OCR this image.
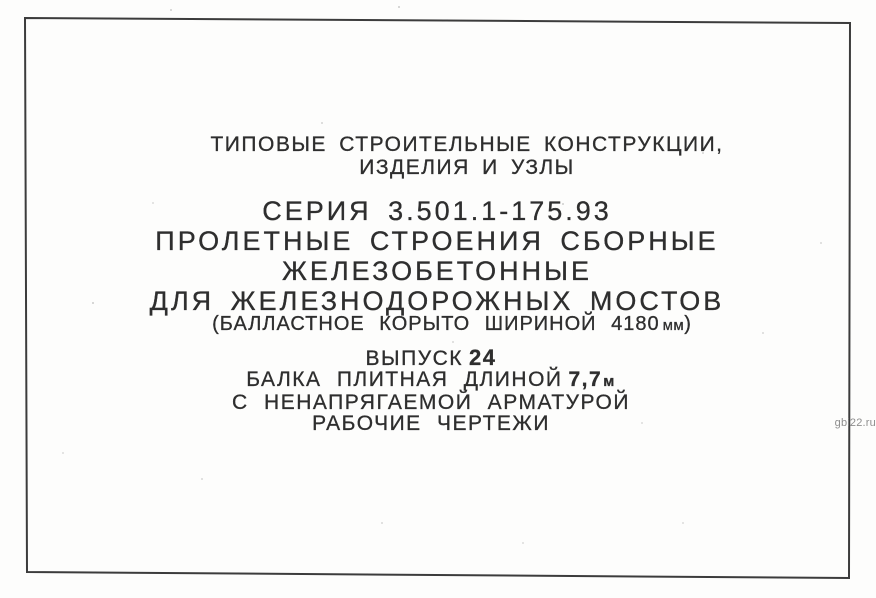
ТИПОВЫЕ СТРОИТЕЛЬНЫЕ КОНСТРУКЦИИ,
ИЗДЕЛИЯ И УЗЛЫ
СЕРИЯ 3.501.1-175.93
ПРОЛЕТНЫЕ СТРОЕНИЯ СБОРНЫЕ
ЖЕЛЕЗОБЕТОННЫЕ
ДЛЯ ЖЕЛЕЗНОДОРОЖНЫХ МОСТОВ
(БАЛЛАСТНОЕ КОРЫТО ШИРИНОЙ 4180 мм)
ВЫПУСК 24
БАЛКА ПЛИТНАЯ ДЛИНОЙ 7,7м
С НЕНАПРЯГАЕМОЙ АРМАТУРОЙ
РАБОЧИЕ ЧЕРТЕЖИ	gbi22.ru
